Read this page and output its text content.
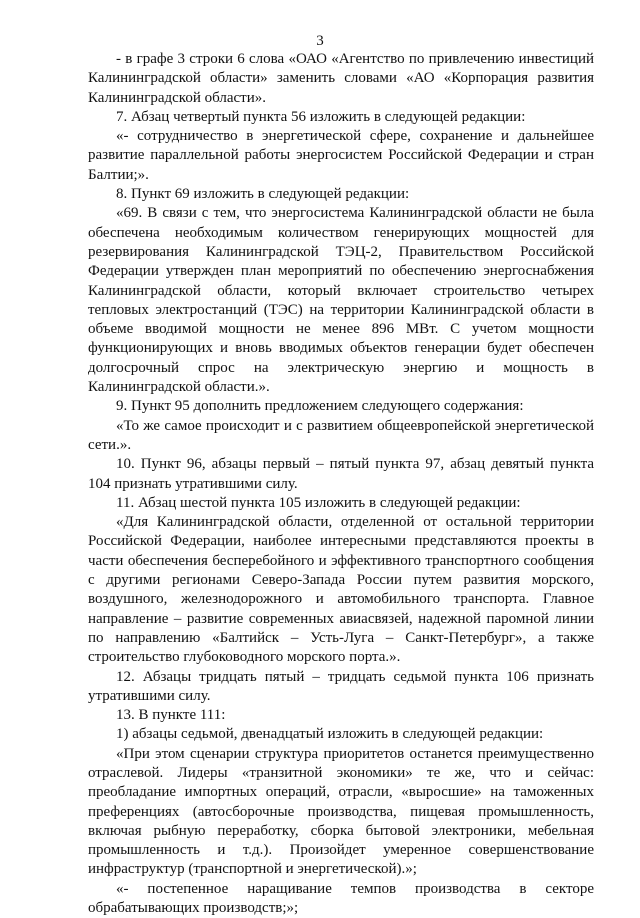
3

- в графе 3 строки 6 слова «ОАО «Агентство по привлечению инвестиций Калининградской области» заменить словами «АО «Корпорация развития Калининградской области».

7. Абзац четвертый пункта 56 изложить в следующей редакции:

«- сотрудничество в энергетической сфере, сохранение и дальнейшее развитие параллельной работы энергосистем Российской Федерации и стран Балтии;».

8. Пункт 69 изложить в следующей редакции:

«69. В связи с тем, что энергосистема Калининградской области не была обеспечена необходимым количеством генерирующих мощностей для резервирования Калининградской ТЭЦ-2, Правительством Российской Федерации утвержден план мероприятий по обеспечению энергоснабжения Калининградской области, который включает строительство четырех тепловых электростанций (ТЭС) на территории Калининградской области в объеме вводимой мощности не менее 896 МВт. С учетом мощности функционирующих и вновь вводимых объектов генерации будет обеспечен долгосрочный спрос на электрическую энергию и мощность в Калининградской области.».

9. Пункт 95 дополнить предложением следующего содержания:

«То же самое происходит и с развитием общеевропейской энергетической сети.».

10. Пункт 96, абзацы первый – пятый пункта 97, абзац девятый пункта 104 признать утратившими силу.

11. Абзац шестой пункта 105 изложить в следующей редакции:

«Для Калининградской области, отделенной от остальной территории Российской Федерации, наиболее интересными представляются проекты в части обеспечения бесперебойного и эффективного транспортного сообщения с другими регионами Северо-Запада России путем развития морского, воздушного, железнодорожного и автомобильного транспорта. Главное направление – развитие современных авиасвязей, надежной паромной линии по направлению «Балтийск – Усть-Луга – Санкт-Петербург», а также строительство глубоководного морского порта.».

12. Абзацы тридцать пятый – тридцать седьмой пункта 106 признать утратившими силу.

13. В пункте 111:

1) абзацы седьмой, двенадцатый изложить в следующей редакции:

«При этом сценарии структура приоритетов останется преимущественно отраслевой. Лидеры «транзитной экономики» те же, что и сейчас: преобладание импортных операций, отрасли, «выросшие» на таможенных преференциях (автосборочные производства, пищевая промышленность, включая рыбную переработку, сборка бытовой электроники, мебельная промышленность и т.д.). Произойдет умеренное совершенствование инфраструктур (транспортной и энергетической).»;

«- постепенное наращивание темпов производства в секторе обрабатывающих производств;»;
